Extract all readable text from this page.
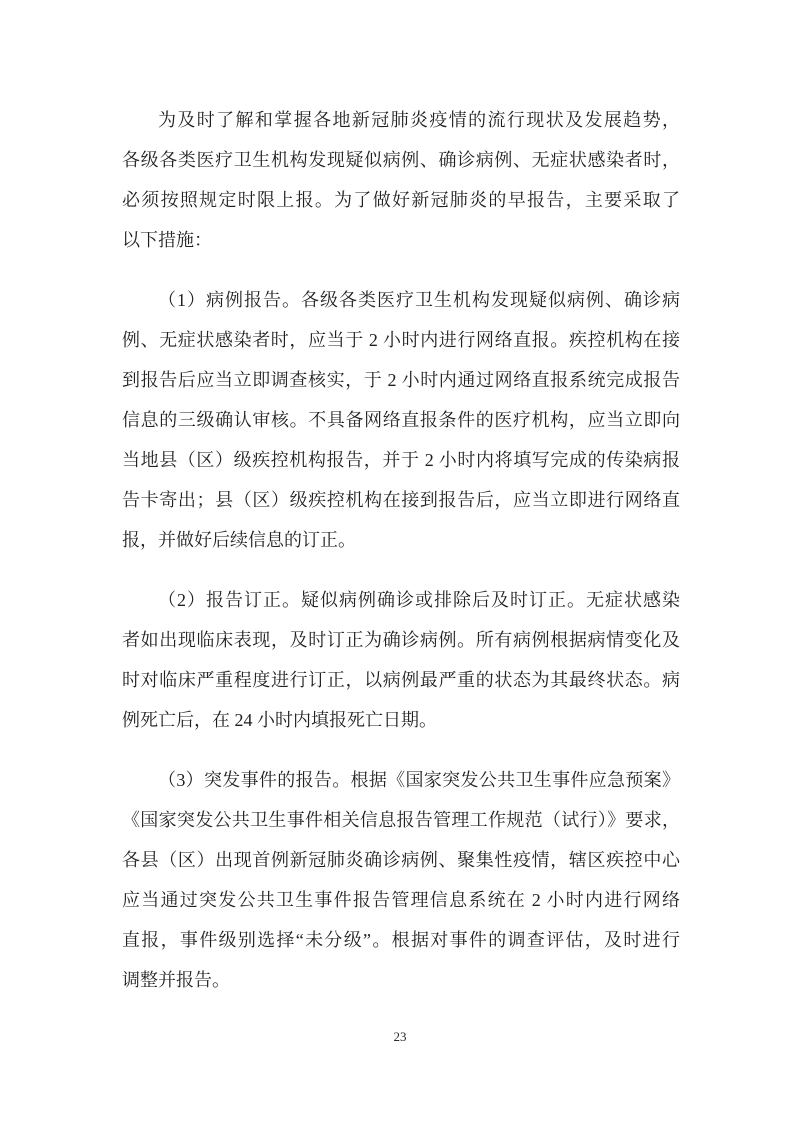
为及时了解和掌握各地新冠肺炎疫情的流行现状及发展趋势，
各级各类医疗卫生机构发现疑似病例、确诊病例、无症状感染者时，
必须按照规定时限上报。为了做好新冠肺炎的早报告，主要采取了
以下措施：
（1）病例报告。各级各类医疗卫生机构发现疑似病例、确诊病
例、无症状感染者时，应当于 2 小时内进行网络直报。疾控机构在接
到报告后应当立即调查核实，于 2 小时内通过网络直报系统完成报告
信息的三级确认审核。不具备网络直报条件的医疗机构，应当立即向
当地县（区）级疾控机构报告，并于 2 小时内将填写完成的传染病报
告卡寄出；县（区）级疾控机构在接到报告后，应当立即进行网络直
报，并做好后续信息的订正。
（2）报告订正。疑似病例确诊或排除后及时订正。无症状感染
者如出现临床表现，及时订正为确诊病例。所有病例根据病情变化及
时对临床严重程度进行订正，以病例最严重的状态为其最终状态。病
例死亡后，在 24 小时内填报死亡日期。
（3）突发事件的报告。根据《国家突发公共卫生事件应急预案》
《国家突发公共卫生事件相关信息报告管理工作规范（试行）》要求，
各县（区）出现首例新冠肺炎确诊病例、聚集性疫情，辖区疾控中心
应当通过突发公共卫生事件报告管理信息系统在 2 小时内进行网络
直报，事件级别选择“未分级”。根据对事件的调查评估，及时进行
调整并报告。
23
